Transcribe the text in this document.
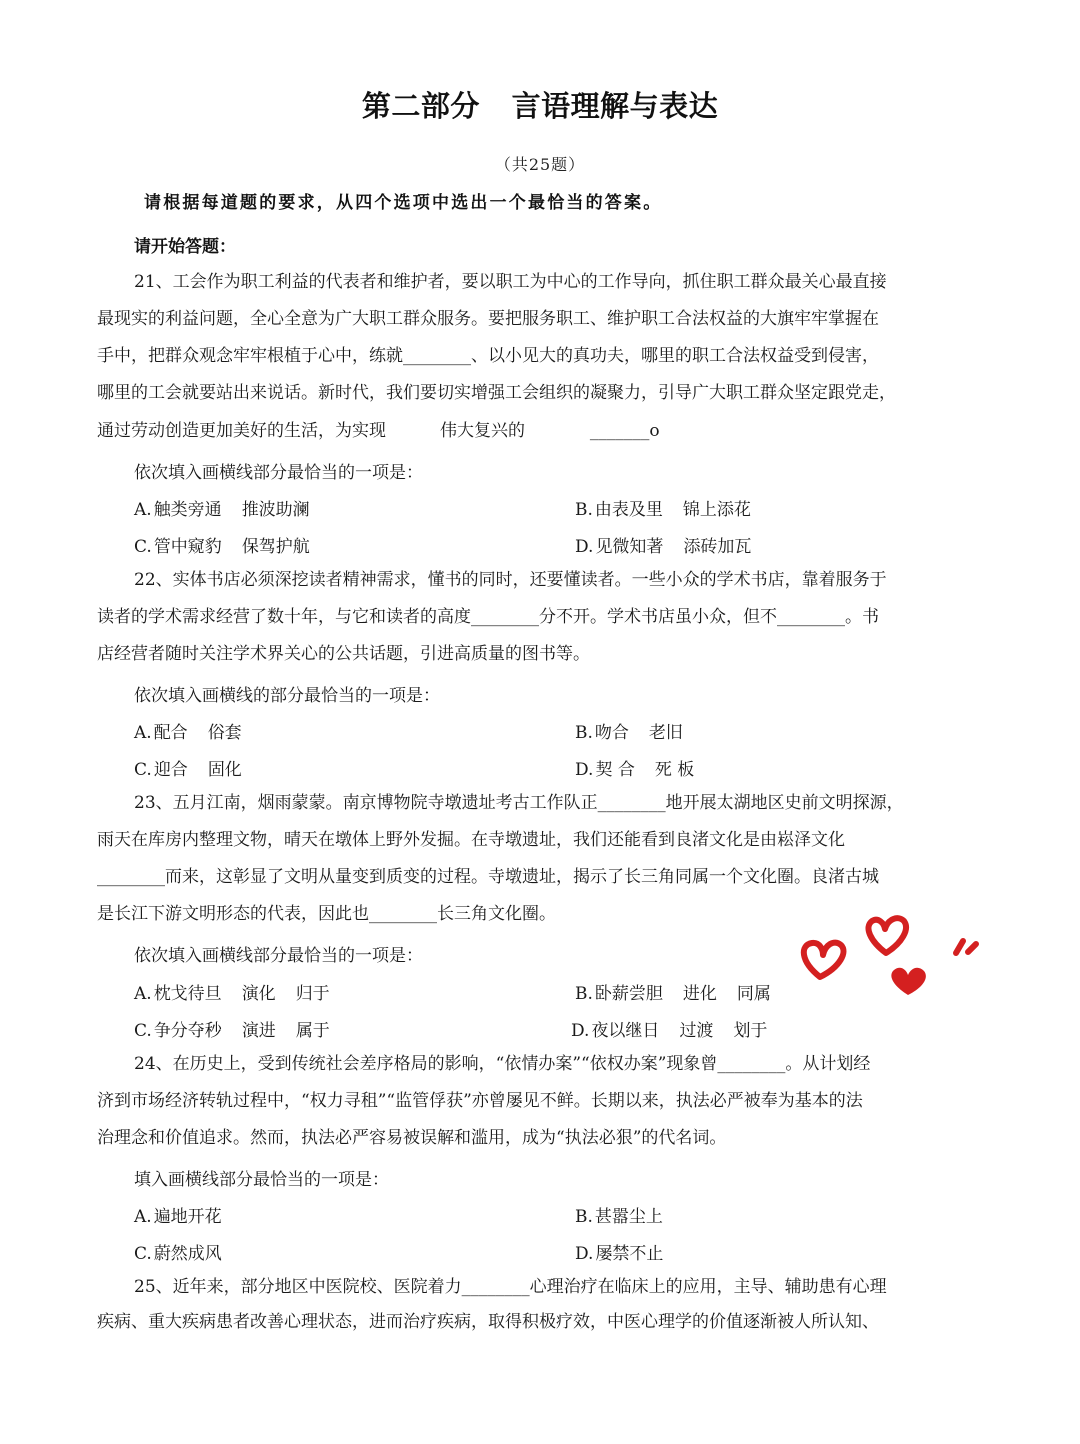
第二部分   言语理解与表达
（共25题）
请根据每道题的要求，从四个选项中选出一个最恰当的答案。
请开始答题：
21、工会作为职工利益的代表者和维护者，要以职工为中心的工作导向，抓住职工群众最关心最直接
最现实的利益问题，全心全意为广大职工群众服务。要把服务职工、维护职工合法权益的大旗牢牢掌握在
手中，把群众观念牢牢根植于心中，练就________、以小见大的真功夫，哪里的职工合法权益受到侵害，
哪里的工会就要站出来说话。新时代，我们要切实增强工会组织的凝聚力，引导广大职工群众坚定跟党走，
通过劳动创造更加美好的生活，为实现          伟大复兴的            _______o
依次填入画横线部分最恰当的一项是：
A. 触类旁通 推波助澜	B. 由表及里 锦上添花
C. 管中窥豹 保驾护航	D. 见微知著 添砖加瓦
22、实体书店必须深挖读者精神需求，懂书的同时，还要懂读者。一些小众的学术书店，靠着服务于
读者的学术需求经营了数十年，与它和读者的高度________分不开。学术书店虽小众，但不________。书
店经营者随时关注学术界关心的公共话题，引进高质量的图书等。
依次填入画横线的部分最恰当的一项是：
A. 配合 俗套	B. 吻合 老旧
C. 迎合 固化	D. 契 合 死 板
23、五月江南，烟雨蒙蒙。南京博物院寺墩遗址考古工作队正________地开展太湖地区史前文明探源，
雨天在库房内整理文物，晴天在墩体上野外发掘。在寺墩遗址，我们还能看到良渚文化是由崧泽文化
________而来，这彰显了文明从量变到质变的过程。寺墩遗址，揭示了长三角同属一个文化圈。良渚古城
是长江下游文明形态的代表，因此也________长三角文化圈。
依次填入画横线部分最恰当的一项是：
A. 枕戈待旦 演化 归于	B. 卧薪尝胆 进化 同属
C. 争分夺秒 演进 属于	D. 夜以继日 过渡 划于
24、在历史上，受到传统社会差序格局的影响，“依情办案”“依权办案”现象曾________。从计划经
济到市场经济转轨过程中，“权力寻租”“监管俘获”亦曾屡见不鲜。长期以来，执法必严被奉为基本的法
治理念和价值追求。然而，执法必严容易被误解和滥用，成为“执法必狠”的代名词。
填入画横线部分最恰当的一项是：
A. 遍地开花	B. 甚嚣尘上
C. 蔚然成风	D. 屡禁不止
25、近年来，部分地区中医院校、医院着力________心理治疗在临床上的应用，主导、辅助患有心理
疾病、重大疾病患者改善心理状态，进而治疗疾病，取得积极疗效，中医心理学的价值逐渐被人所认知、
